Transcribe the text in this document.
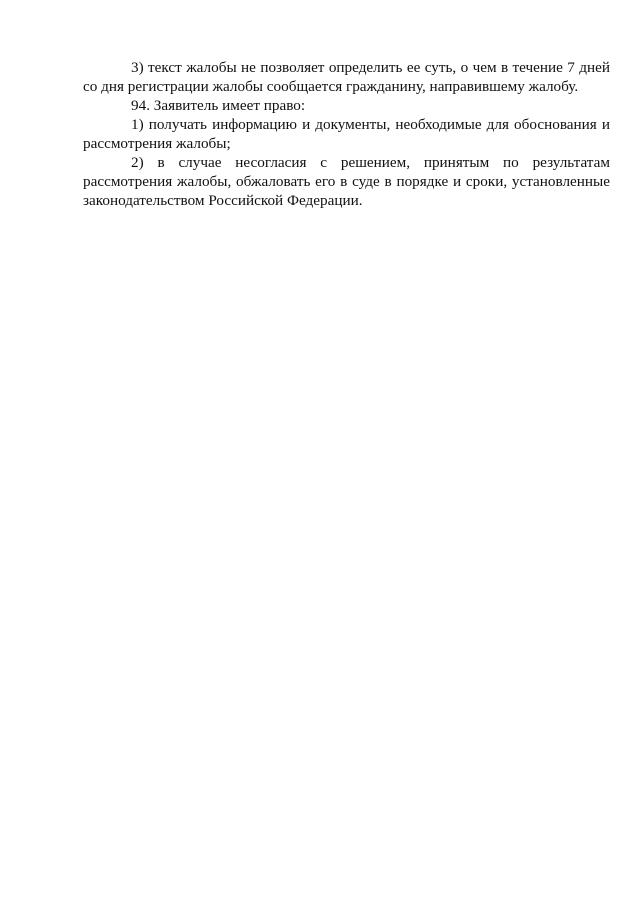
3) текст жалобы не позволяет определить ее суть, о чем в течение 7 дней со дня регистрации жалобы сообщается гражданину, направившему жалобу.

94. Заявитель имеет право:

1) получать информацию и документы, необходимые для обоснования и рассмотрения жалобы;

2) в случае несогласия с решением, принятым по результатам рассмотрения жалобы, обжаловать его в суде в порядке и сроки, установленные законодательством Российской Федерации.
